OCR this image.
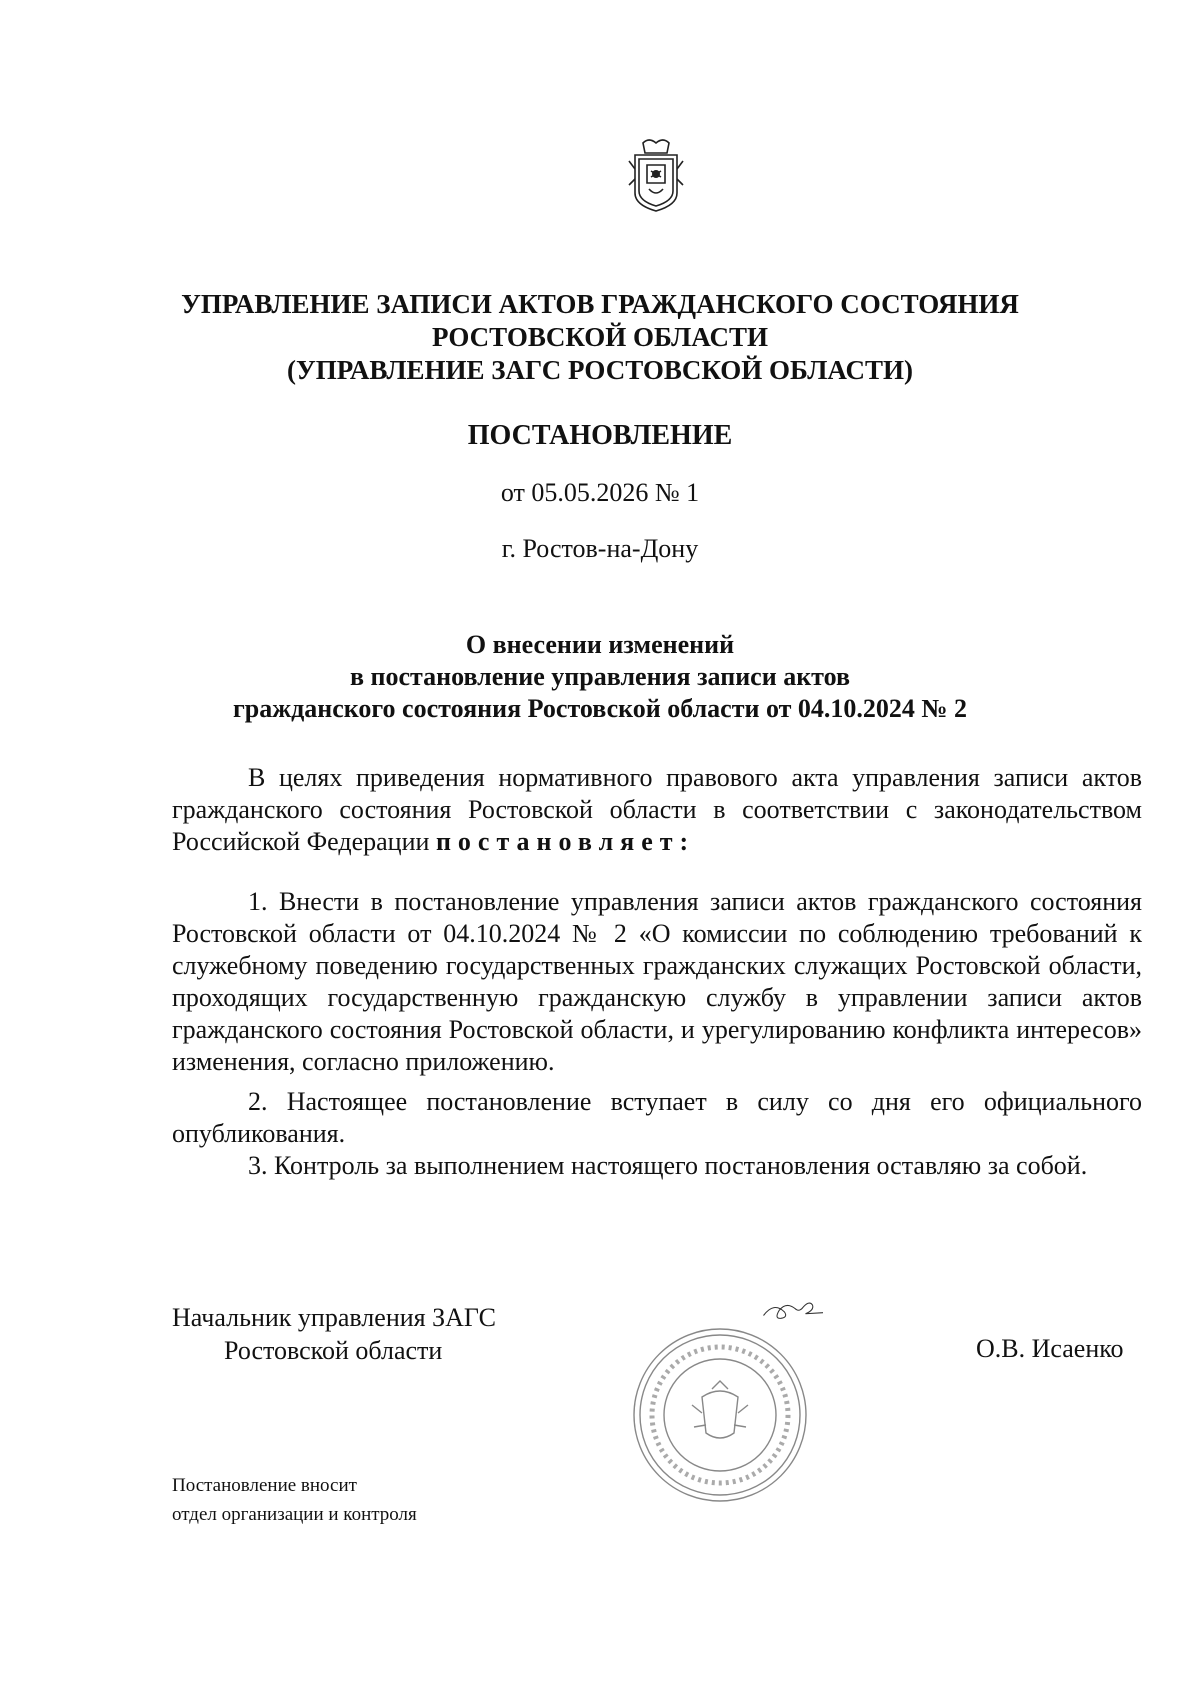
УПРАВЛЕНИЕ ЗАПИСИ АКТОВ ГРАЖДАНСКОГО СОСТОЯНИЯ
РОСТОВСКОЙ ОБЛАСТИ
(УПРАВЛЕНИЕ ЗАГС РОСТОВСКОЙ ОБЛАСТИ)
ПОСТАНОВЛЕНИЕ
от 05.05.2026 № 1
г. Ростов-на-Дону
О внесении изменений
в постановление управления записи актов
гражданского состояния Ростовской области от 04.10.2024 № 2
В целях приведения нормативного правового акта управления записи актов гражданского состояния Ростовской области в соответствии с законодательством Российской Федерации постановляет:
1. Внести в постановление управления записи актов гражданского состояния Ростовской области от 04.10.2024 № 2 «О комиссии по соблюдению требований к служебному поведению государственных гражданских служащих Ростовской области, проходящих государственную гражданскую службу в управлении записи актов гражданского состояния Ростовской области, и урегулированию конфликта интересов» изменения, согласно приложению.
2. Настоящее постановление вступает в силу со дня его официального опубликования.
3. Контроль за выполнением настоящего постановления оставляю за собой.
Начальник управления ЗАГС
Ростовской области	О.В. Исаенко
Постановление вносит
отдел организации и контроля
